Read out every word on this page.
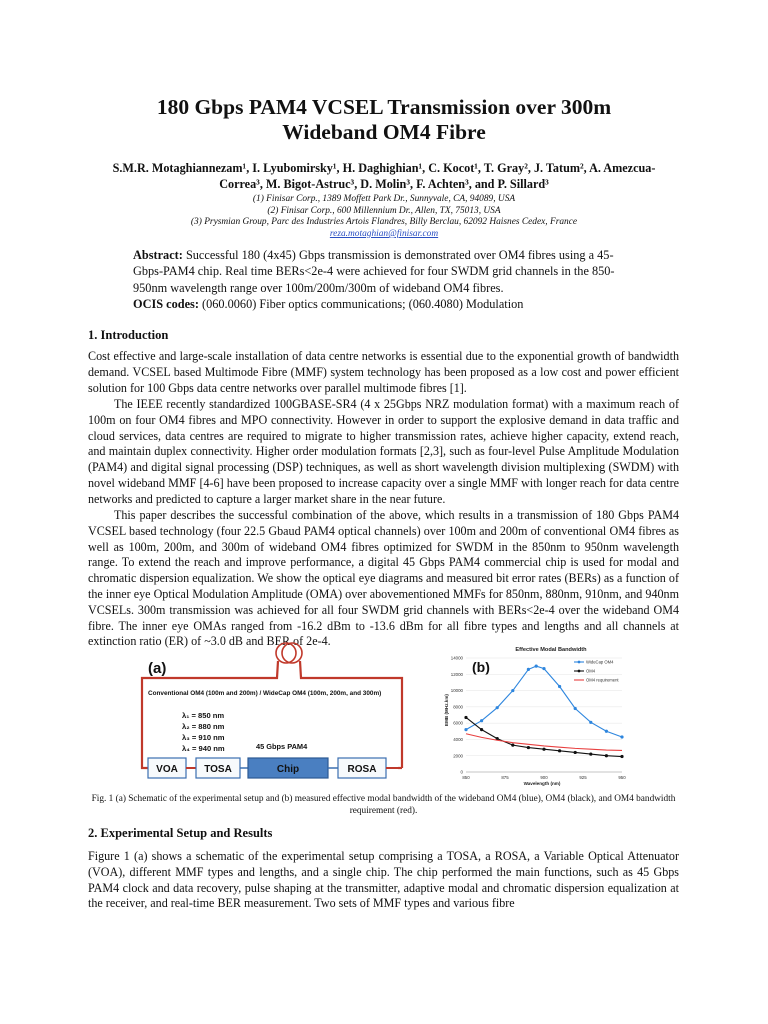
180 Gbps PAM4 VCSEL Transmission over 300m
Wideband OM4 Fibre
S.M.R. Motaghiannezam¹, I. Lyubomirsky¹, H. Daghighian¹, C. Kocot¹, T. Gray², J. Tatum², A. Amezcua-
Correa³, M. Bigot-Astruc³, D. Molin³, F. Achten³, and P. Sillard³
(1) Finisar Corp., 1389 Moffett Park Dr., Sunnyvale, CA, 94089, USA
(2) Finisar Corp., 600 Millennium Dr., Allen, TX, 75013, USA
(3) Prysmian Group, Parc des Industries Artois Flandres, Billy Berclau, 62092 Haisnes Cedex, France
reza.motaghian@finisar.com
Abstract: Successful 180 (4x45) Gbps transmission is demonstrated over OM4 fibres using a 45-Gbps-PAM4 chip. Real time BERs<2e-4 were achieved for four SWDM grid channels in the 850-950nm wavelength range over 100m/200m/300m of wideband OM4 fibres.
OCIS codes: (060.0060) Fiber optics communications; (060.4080) Modulation
1. Introduction
Cost effective and large-scale installation of data centre networks is essential due to the exponential growth of bandwidth demand. VCSEL based Multimode Fibre (MMF) system technology has been proposed as a low cost and power efficient solution for 100 Gbps data centre networks over parallel multimode fibres [1].
The IEEE recently standardized 100GBASE-SR4 (4 x 25Gbps NRZ modulation format) with a maximum reach of 100m on four OM4 fibres and MPO connectivity. However in order to support the explosive demand in data traffic and cloud services, data centres are required to migrate to higher transmission rates, achieve higher capacity, extend reach, and maintain duplex connectivity. Higher order modulation formats [2,3], such as four-level Pulse Amplitude Modulation (PAM4) and digital signal processing (DSP) techniques, as well as short wavelength division multiplexing (SWDM) with novel wideband MMF [4-6] have been proposed to increase capacity over a single MMF with longer reach for data centre networks and predicted to capture a larger market share in the near future.
This paper describes the successful combination of the above, which results in a transmission of 180 Gbps PAM4 VCSEL based technology (four 22.5 Gbaud PAM4 optical channels) over 100m and 200m of conventional OM4 fibres as well as 100m, 200m, and 300m of wideband OM4 fibres optimized for SWDM in the 850nm to 950nm wavelength range. To extend the reach and improve performance, a digital 45 Gbps PAM4 commercial chip is used for modal and chromatic dispersion equalization. We show the optical eye diagrams and measured bit error rates (BERs) as a function of the inner eye Optical Modulation Amplitude (OMA) over abovementioned MMFs for 850nm, 880nm, 910nm, and 940nm VCSELs. 300m transmission was achieved for all four SWDM grid channels with BERs<2e-4 over the wideband OM4 fibre. The inner eye OMAs ranged from -16.2 dBm to -13.6 dBm for all fibre types and lengths and all channels at extinction ratio (ER) of ~3.0 dB and BER of 2e-4.
(a)
Conventional OM4 (100m and 200m) / WideCap OM4 (100m, 200m, and 300m)
λ₁ = 850 nm
λ₂ = 880 nm
λ₃ = 910 nm
λ₄ = 940 nm	45 Gbps PAM4
VOA	TOSA	Chip	ROSA
Effective Modal Bandwidth
(b)
Wavelength (nm)
EMB (MHz.km)
0
2000
4000
6000
8000
10000
12000
14000
850	875	900	925	950
WideCap OM4
OM4
OM4 requirement
Fig. 1 (a) Schematic of the experimental setup and (b) measured effective modal bandwidth of the wideband OM4 (blue), OM4 (black), and OM4 bandwidth requirement (red).
2. Experimental Setup and Results
Figure 1 (a) shows a schematic of the experimental setup comprising a TOSA, a ROSA, a Variable Optical Attenuator (VOA), different MMF types and lengths, and a single chip. The chip performed the main functions, such as 45 Gbps PAM4 clock and data recovery, pulse shaping at the transmitter, adaptive modal and chromatic dispersion equalization at the receiver, and real-time BER measurement. Two sets of MMF types and various fibre
